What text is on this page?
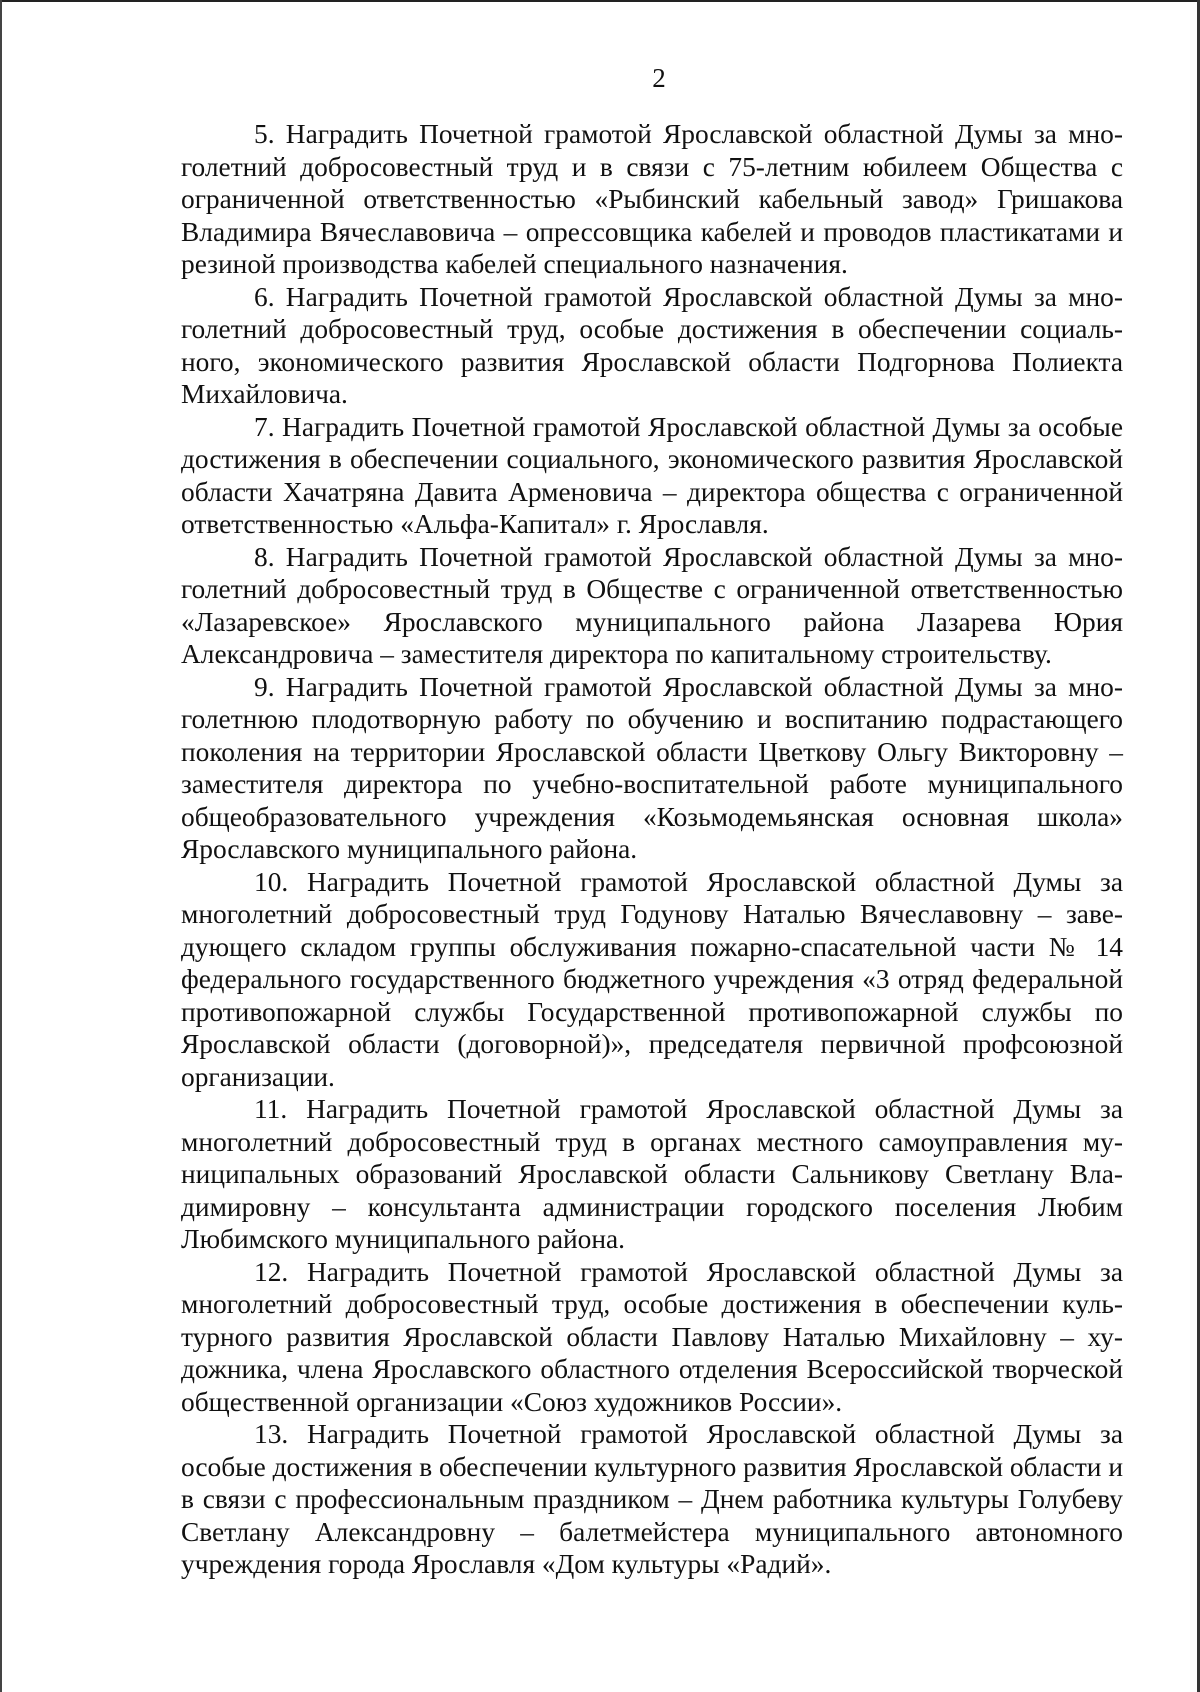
2

5. Наградить Почетной грамотой Ярославской областной Думы за многолетний добросовестный труд и в связи с 75-летним юбилеем Общества с ограниченной ответственностью «Рыбинский кабельный завод» Гришакова Владимира Вячеславовича – опрессовщика кабелей и проводов пластикатами и резиной производства кабелей специального назначения.

6. Наградить Почетной грамотой Ярославской областной Думы за многолетний добросовестный труд, особые достижения в обеспечении социального, экономического развития Ярославской области Подгорнова Полиекта Михайловича.

7. Наградить Почетной грамотой Ярославской областной Думы за особые достижения в обеспечении социального, экономического развития Ярославской области Хачатряна Давита Арменовича – директора общества с ограниченной ответственностью «Альфа-Капитал» г. Ярославля.

8. Наградить Почетной грамотой Ярославской областной Думы за многолетний добросовестный труд в Обществе с ограниченной ответственностью «Лазаревское» Ярославского муниципального района Лазарева Юрия Александровича – заместителя директора по капитальному строительству.

9. Наградить Почетной грамотой Ярославской областной Думы за многолетнюю плодотворную работу по обучению и воспитанию подрастающего поколения на территории Ярославской области Цветкову Ольгу Викторовну – заместителя директора по учебно-воспитательной работе муниципального общеобразовательного учреждения «Козьмодемьянская основная школа» Ярославского муниципального района.

10. Наградить Почетной грамотой Ярославской областной Думы за многолетний добросовестный труд Годунову Наталью Вячеславовну – заведующего складом группы обслуживания пожарно-спасательной части № 14 федерального государственного бюджетного учреждения «3 отряд федеральной противопожарной службы Государственной противопожарной службы по Ярославской области (договорной)», председателя первичной профсоюзной организации.

11. Наградить Почетной грамотой Ярославской областной Думы за многолетний добросовестный труд в органах местного самоуправления муниципальных образований Ярославской области Сальникову Светлану Владимировну – консультанта администрации городского поселения Любим Любимского муниципального района.

12. Наградить Почетной грамотой Ярославской областной Думы за многолетний добросовестный труд, особые достижения в обеспечении культурного развития Ярославской области Павлову Наталью Михайловну – художника, члена Ярославского областного отделения Всероссийской творческой общественной организации «Союз художников России».

13. Наградить Почетной грамотой Ярославской областной Думы за особые достижения в обеспечении культурного развития Ярославской области и в связи с профессиональным праздником – Днем работника культуры Голубеву Светлану Александровну – балетмейстера муниципального автономного учреждения города Ярославля «Дом культуры «Радий».
